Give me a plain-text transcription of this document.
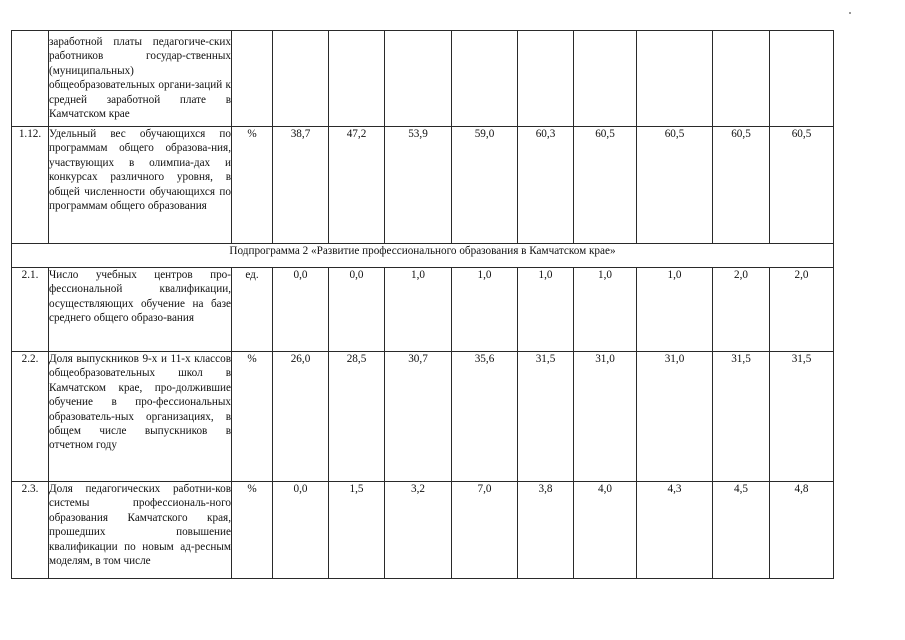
	заработной платы педагогиче-ских работников государ-ственных (муниципальных) общеобразовательных органи-заций к средней заработной плате в Камчатском крае										
1.12.	Удельный вес обучающихся по программам общего образова-ния, участвующих в олимпиа-дах и конкурсах различного уровня, в общей численности обучающихся по программам общего образования	%	38,7	47,2	53,9	59,0	60,3	60,5	60,5	60,5	60,5
Подпрограмма 2 «Развитие профессионального образования в Камчатском крае»											
2.1.	Число учебных центров про-фессиональной квалификации, осуществляющих обучение на базе среднего общего образо-вания	ед.	0,0	0,0	1,0	1,0	1,0	1,0	1,0	2,0	2,0
2.2.	Доля выпускников 9-х и 11-х классов общеобразовательных школ в Камчатском крае, про-должившие обучение в про-фессиональных образователь-ных организациях, в общем числе выпускников в отчетном году	%	26,0	28,5	30,7	35,6	31,5	31,0	31,0	31,5	31,5
2.3.	Доля педагогических работни-ков системы профессиональ-ного образования Камчатского края, прошедших повышение квалификации по новым ад-ресным моделям, в том числе	%	0,0	1,5	3,2	7,0	3,8	4,0	4,3	4,5	4,8
